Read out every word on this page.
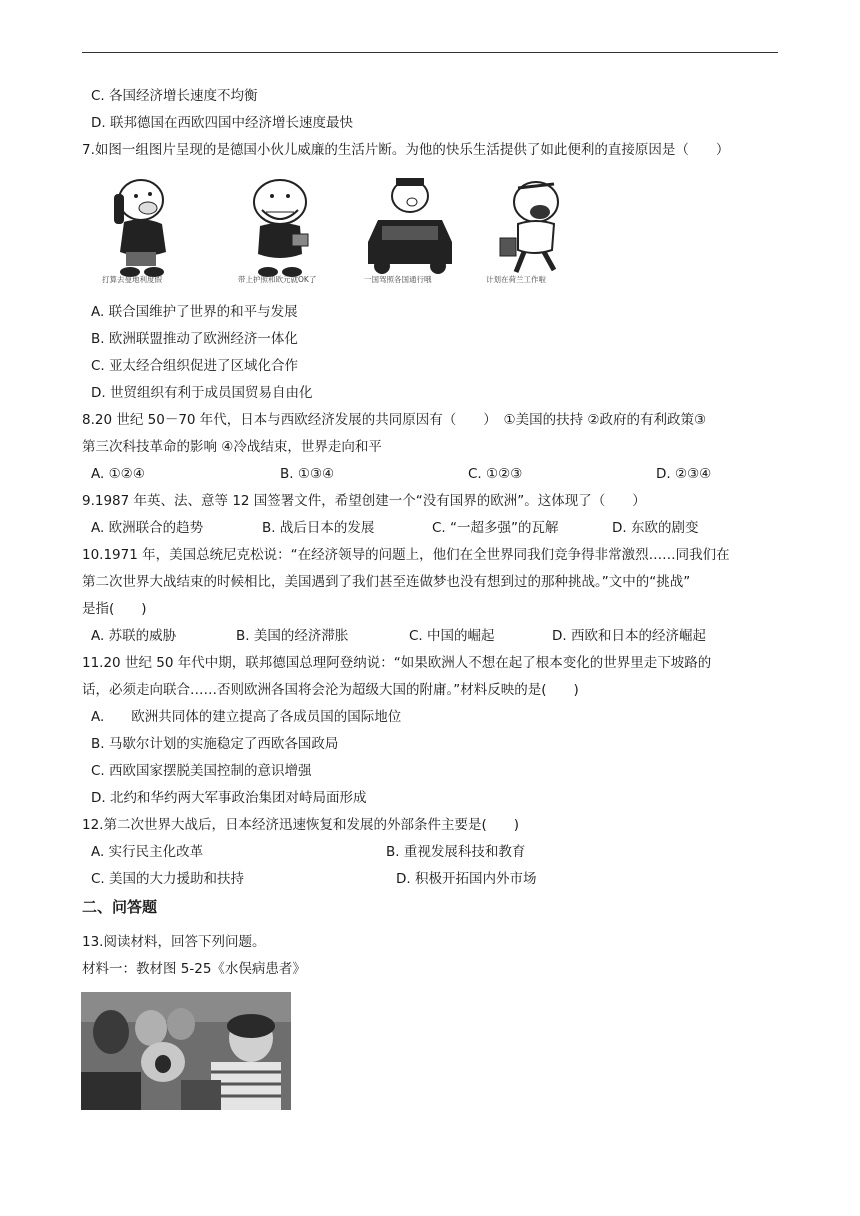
C. 各国经济增长速度不均衡
D. 联邦德国在西欧四国中经济增长速度最快
7.如图一组图片呈现的是德国小伙儿威廉的生活片断。为他的快乐生活提供了如此便利的直接原因是（　　）
打算去曼地利度假	带上护照和欧元就OK了	一国驾照各国通行哦	计划在荷兰工作啦
A. 联合国维护了世界的和平与发展
B. 欧洲联盟推动了欧洲经济一体化
C. 亚太经合组织促进了区域化合作
D. 世贸组织有利于成员国贸易自由化
8.20 世纪 50－70 年代，日本与西欧经济发展的共同原因有（　　）　①美国的扶持 ②政府的有利政策③
第三次科技革命的影响 ④冷战结束，世界走向和平
A. ①②④	B. ①③④	C. ①②③	D. ②③④
9.1987 年英、法、意等 12 国签署文件，希望创建一个“没有国界的欧洲”。这体现了（　　）
A. 欧洲联合的趋势	B. 战后日本的发展	C. “一超多强”的瓦解	D. 东欧的剧变
10.1971 年，美国总统尼克松说：“在经济领导的问题上，他们在全世界同我们竞争得非常激烈……同我们在
第二次世界大战结束的时候相比，美国遇到了我们甚至连做梦也没有想到过的那种挑战。”文中的“挑战”
是指(　　)
A. 苏联的威胁	B. 美国的经济滞胀	C. 中国的崛起	D. 西欧和日本的经济崛起
11.20 世纪 50 年代中期，联邦德国总理阿登纳说：“如果欧洲人不想在起了根本变化的世界里走下坡路的
话，必须走向联合……否则欧洲各国将会沦为超级大国的附庸。”材料反映的是(　　)
A.　　欧洲共同体的建立提高了各成员国的国际地位
B. 马歇尔计划的实施稳定了西欧各国政局
C. 西欧国家摆脱美国控制的意识增强
D. 北约和华约两大军事政治集团对峙局面形成
12.第二次世界大战后，日本经济迅速恢复和发展的外部条件主要是(　　)
A. 实行民主化改革	B. 重视发展科技和教育
C. 美国的大力援助和扶持	D. 积极开拓国内外市场
二、问答题
13.阅读材料，回答下列问题。
材料一：教材图 5-25《水俣病患者》
